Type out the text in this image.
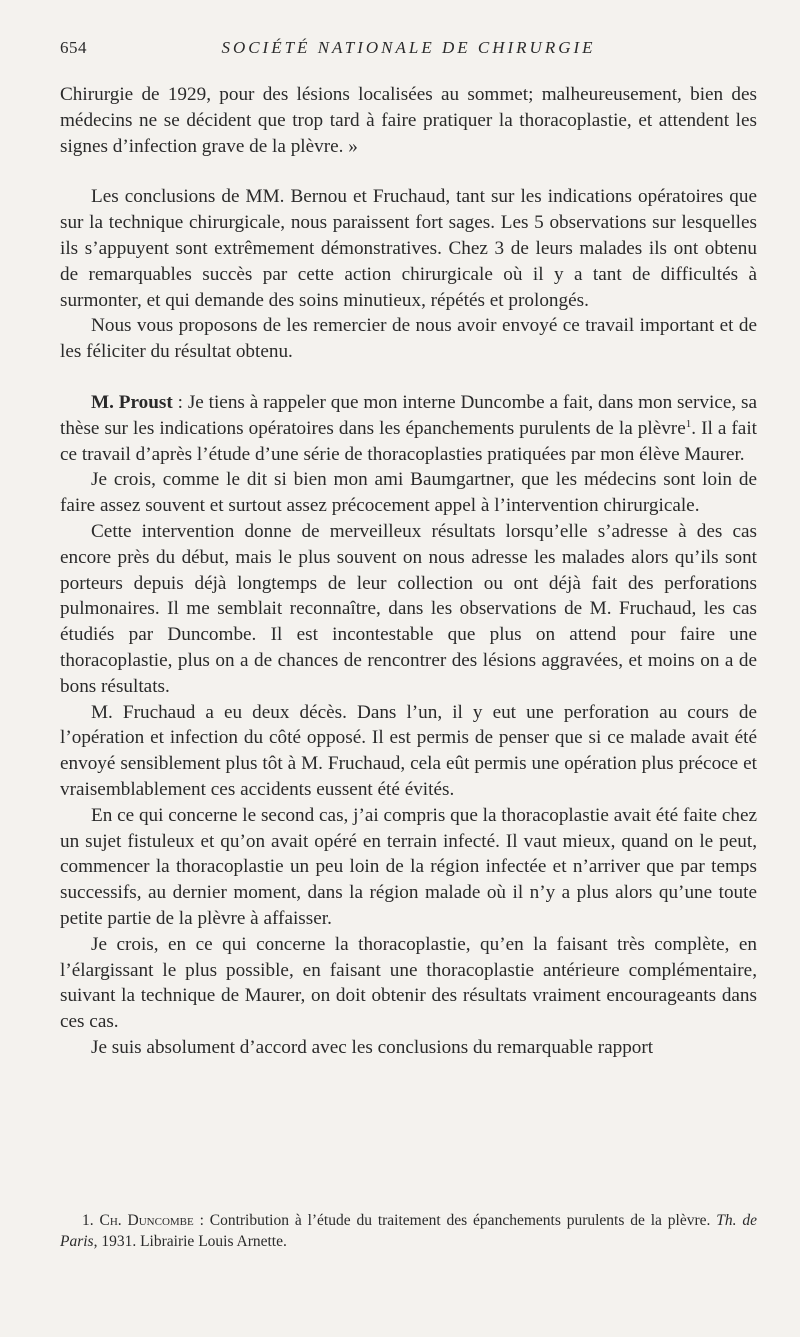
654	SOCIÉTÉ NATIONALE DE CHIRURGIE

Chirurgie de 1929, pour des lésions localisées au sommet; malheureusement, bien des médecins ne se décident que trop tard à faire pratiquer la thoracoplastie, et attendent les signes d’infection grave de la plèvre. »

Les conclusions de MM. Bernou et Fruchaud, tant sur les indications opératoires que sur la technique chirurgicale, nous paraissent fort sages. Les 5 observations sur lesquelles ils s’appuyent sont extrêmement démonstratives. Chez 3 de leurs malades ils ont obtenu de remarquables succès par cette action chirurgicale où il y a tant de difficultés à surmonter, et qui demande des soins minutieux, répétés et prolongés.

Nous vous proposons de les remercier de nous avoir envoyé ce travail important et de les féliciter du résultat obtenu.

M. Proust : Je tiens à rappeler que mon interne Duncombe a fait, dans mon service, sa thèse sur les indications opératoires dans les épanchements purulents de la plèvre$^1$. Il a fait ce travail d’après l’étude d’une série de thoracoplasties pratiquées par mon élève Maurer.

Je crois, comme le dit si bien mon ami Baumgartner, que les médecins sont loin de faire assez souvent et surtout assez précocement appel à l’intervention chirurgicale.

Cette intervention donne de merveilleux résultats lorsqu’elle s’adresse à des cas encore près du début, mais le plus souvent on nous adresse les malades alors qu’ils sont porteurs depuis déjà longtemps de leur collection ou ont déjà fait des perforations pulmonaires. Il me semblait reconnaître, dans les observations de M. Fruchaud, les cas étudiés par Duncombe. Il est incontestable que plus on attend pour faire une thoracoplastie, plus on a de chances de rencontrer des lésions aggravées, et moins on a de bons résultats.

M. Fruchaud a eu deux décès. Dans l’un, il y eut une perforation au cours de l’opération et infection du côté opposé. Il est permis de penser que si ce malade avait été envoyé sensiblement plus tôt à M. Fruchaud, cela eût permis une opération plus précoce et vraisemblablement ces accidents eussent été évités.

En ce qui concerne le second cas, j’ai compris que la thoracoplastie avait été faite chez un sujet fistuleux et qu’on avait opéré en terrain infecté. Il vaut mieux, quand on le peut, commencer la thoracoplastie un peu loin de la région infectée et n’arriver que par temps successifs, au dernier moment, dans la région malade où il n’y a plus alors qu’une toute petite partie de la plèvre à affaisser.

Je crois, en ce qui concerne la thoracoplastie, qu’en la faisant très complète, en l’élargissant le plus possible, en faisant une thoracoplastie antérieure complémentaire, suivant la technique de Maurer, on doit obtenir des résultats vraiment encourageants dans ces cas.

Je suis absolument d’accord avec les conclusions du remarquable rapport

1. Ch. Duncombe : Contribution à l’étude du traitement des épanchements purulents de la plèvre. Th. de Paris, 1931. Librairie Louis Arnette.
